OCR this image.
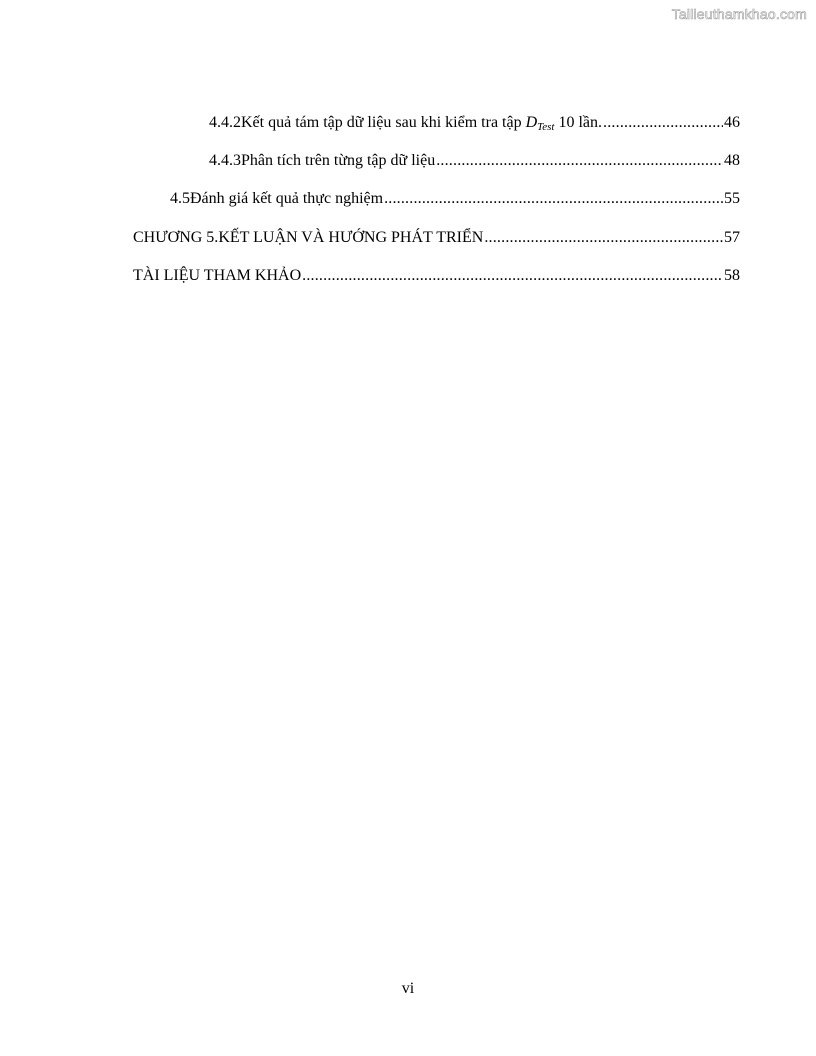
Tailieuthamkhao.com
4.4.2 Kết quả tám tập dữ liệu sau khi kiểm tra tập $D_{Test}$ 10 lần. .....	46
4.4.3 Phân tích trên từng tập dữ liệu .....	48
4.5 Đánh giá kết quả thực nghiệm .....	55
CHƯƠNG 5. KẾT LUẬN VÀ HƯỚNG PHÁT TRIỂN .....	57
TÀI LIỆU THAM KHẢO .....	58
vi
